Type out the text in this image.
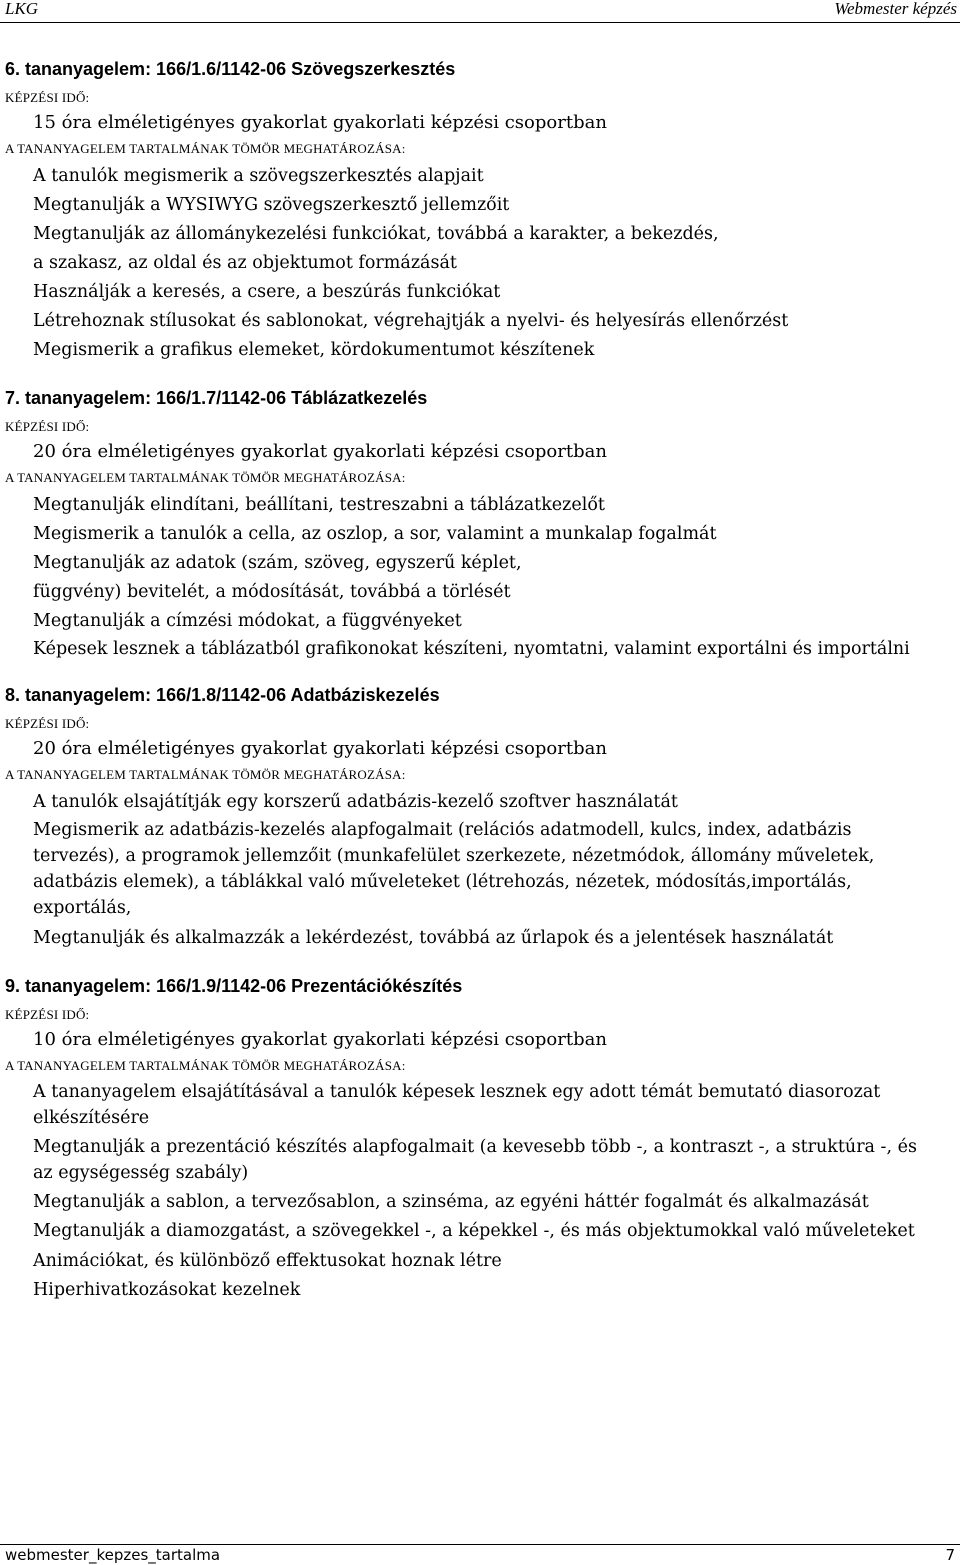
LKG	Webmester képzés
6. tananyagelem: 166/1.6/1142-06 Szövegszerkesztés
KÉPZÉSI IDŐ:
15 óra elméletigényes gyakorlat gyakorlati képzési csoportban
A TANANYAGELEM TARTALMÁNAK TÖMÖR MEGHATÁROZÁSA:
A tanulók megismerik a szövegszerkesztés alapjait
Megtanulják a WYSIWYG szövegszerkesztő jellemzőit
Megtanulják az állománykezelési funkciókat, továbbá a karakter, a bekezdés,
a szakasz, az oldal és az objektumot formázását
Használják a keresés, a csere, a beszúrás funkciókat
Létrehoznak stílusokat és sablonokat, végrehajtják a nyelvi- és helyesírás ellenőrzést
Megismerik a grafikus elemeket, kördokumentumot készítenek
7. tananyagelem: 166/1.7/1142-06 Táblázatkezelés
KÉPZÉSI IDŐ:
20 óra elméletigényes gyakorlat gyakorlati képzési csoportban
A TANANYAGELEM TARTALMÁNAK TÖMÖR MEGHATÁROZÁSA:
Megtanulják elindítani, beállítani, testreszabni a táblázatkezelőt
Megismerik a tanulók a cella, az oszlop, a sor, valamint a munkalap fogalmát
Megtanulják az adatok (szám, szöveg, egyszerű képlet,
függvény) bevitelét, a módosítását, továbbá a törlését
Megtanulják a címzési módokat, a függvényeket
Képesek lesznek a táblázatból grafikonokat készíteni, nyomtatni, valamint exportálni és importálni
8. tananyagelem: 166/1.8/1142-06 Adatbáziskezelés
KÉPZÉSI IDŐ:
20 óra elméletigényes gyakorlat gyakorlati képzési csoportban
A TANANYAGELEM TARTALMÁNAK TÖMÖR MEGHATÁROZÁSA:
A tanulók elsajátítják egy korszerű adatbázis-kezelő szoftver használatát
Megismerik az adatbázis-kezelés alapfogalmait (relációs adatmodell, kulcs, index, adatbázis tervezés), a programok jellemzőit (munkafelület szerkezete, nézetmódok, állomány műveletek, adatbázis elemek), a táblákkal való műveleteket (létrehozás, nézetek, módosítás,importálás, exportálás,
Megtanulják és alkalmazzák a lekérdezést, továbbá az űrlapok és a jelentések használatát
9. tananyagelem: 166/1.9/1142-06 Prezentációkészítés
KÉPZÉSI IDŐ:
10 óra elméletigényes gyakorlat gyakorlati képzési csoportban
A TANANYAGELEM TARTALMÁNAK TÖMÖR MEGHATÁROZÁSA:
A tananyagelem elsajátításával a tanulók képesek lesznek egy adott témát bemutató diasorozat elkészítésére
Megtanulják a prezentáció készítés alapfogalmait (a kevesebb több -, a kontraszt -, a struktúra -, és az egységesség szabály)
Megtanulják a sablon, a tervezősablon, a szinséma, az egyéni háttér fogalmát és alkalmazását
Megtanulják a diamozgatást, a szövegekkel -, a képekkel -, és más objektumokkal való műveleteket
Animációkat, és különböző effektusokat hoznak létre
Hiperhivatkozásokat kezelnek
webmester_kepzes_tartalma	7
